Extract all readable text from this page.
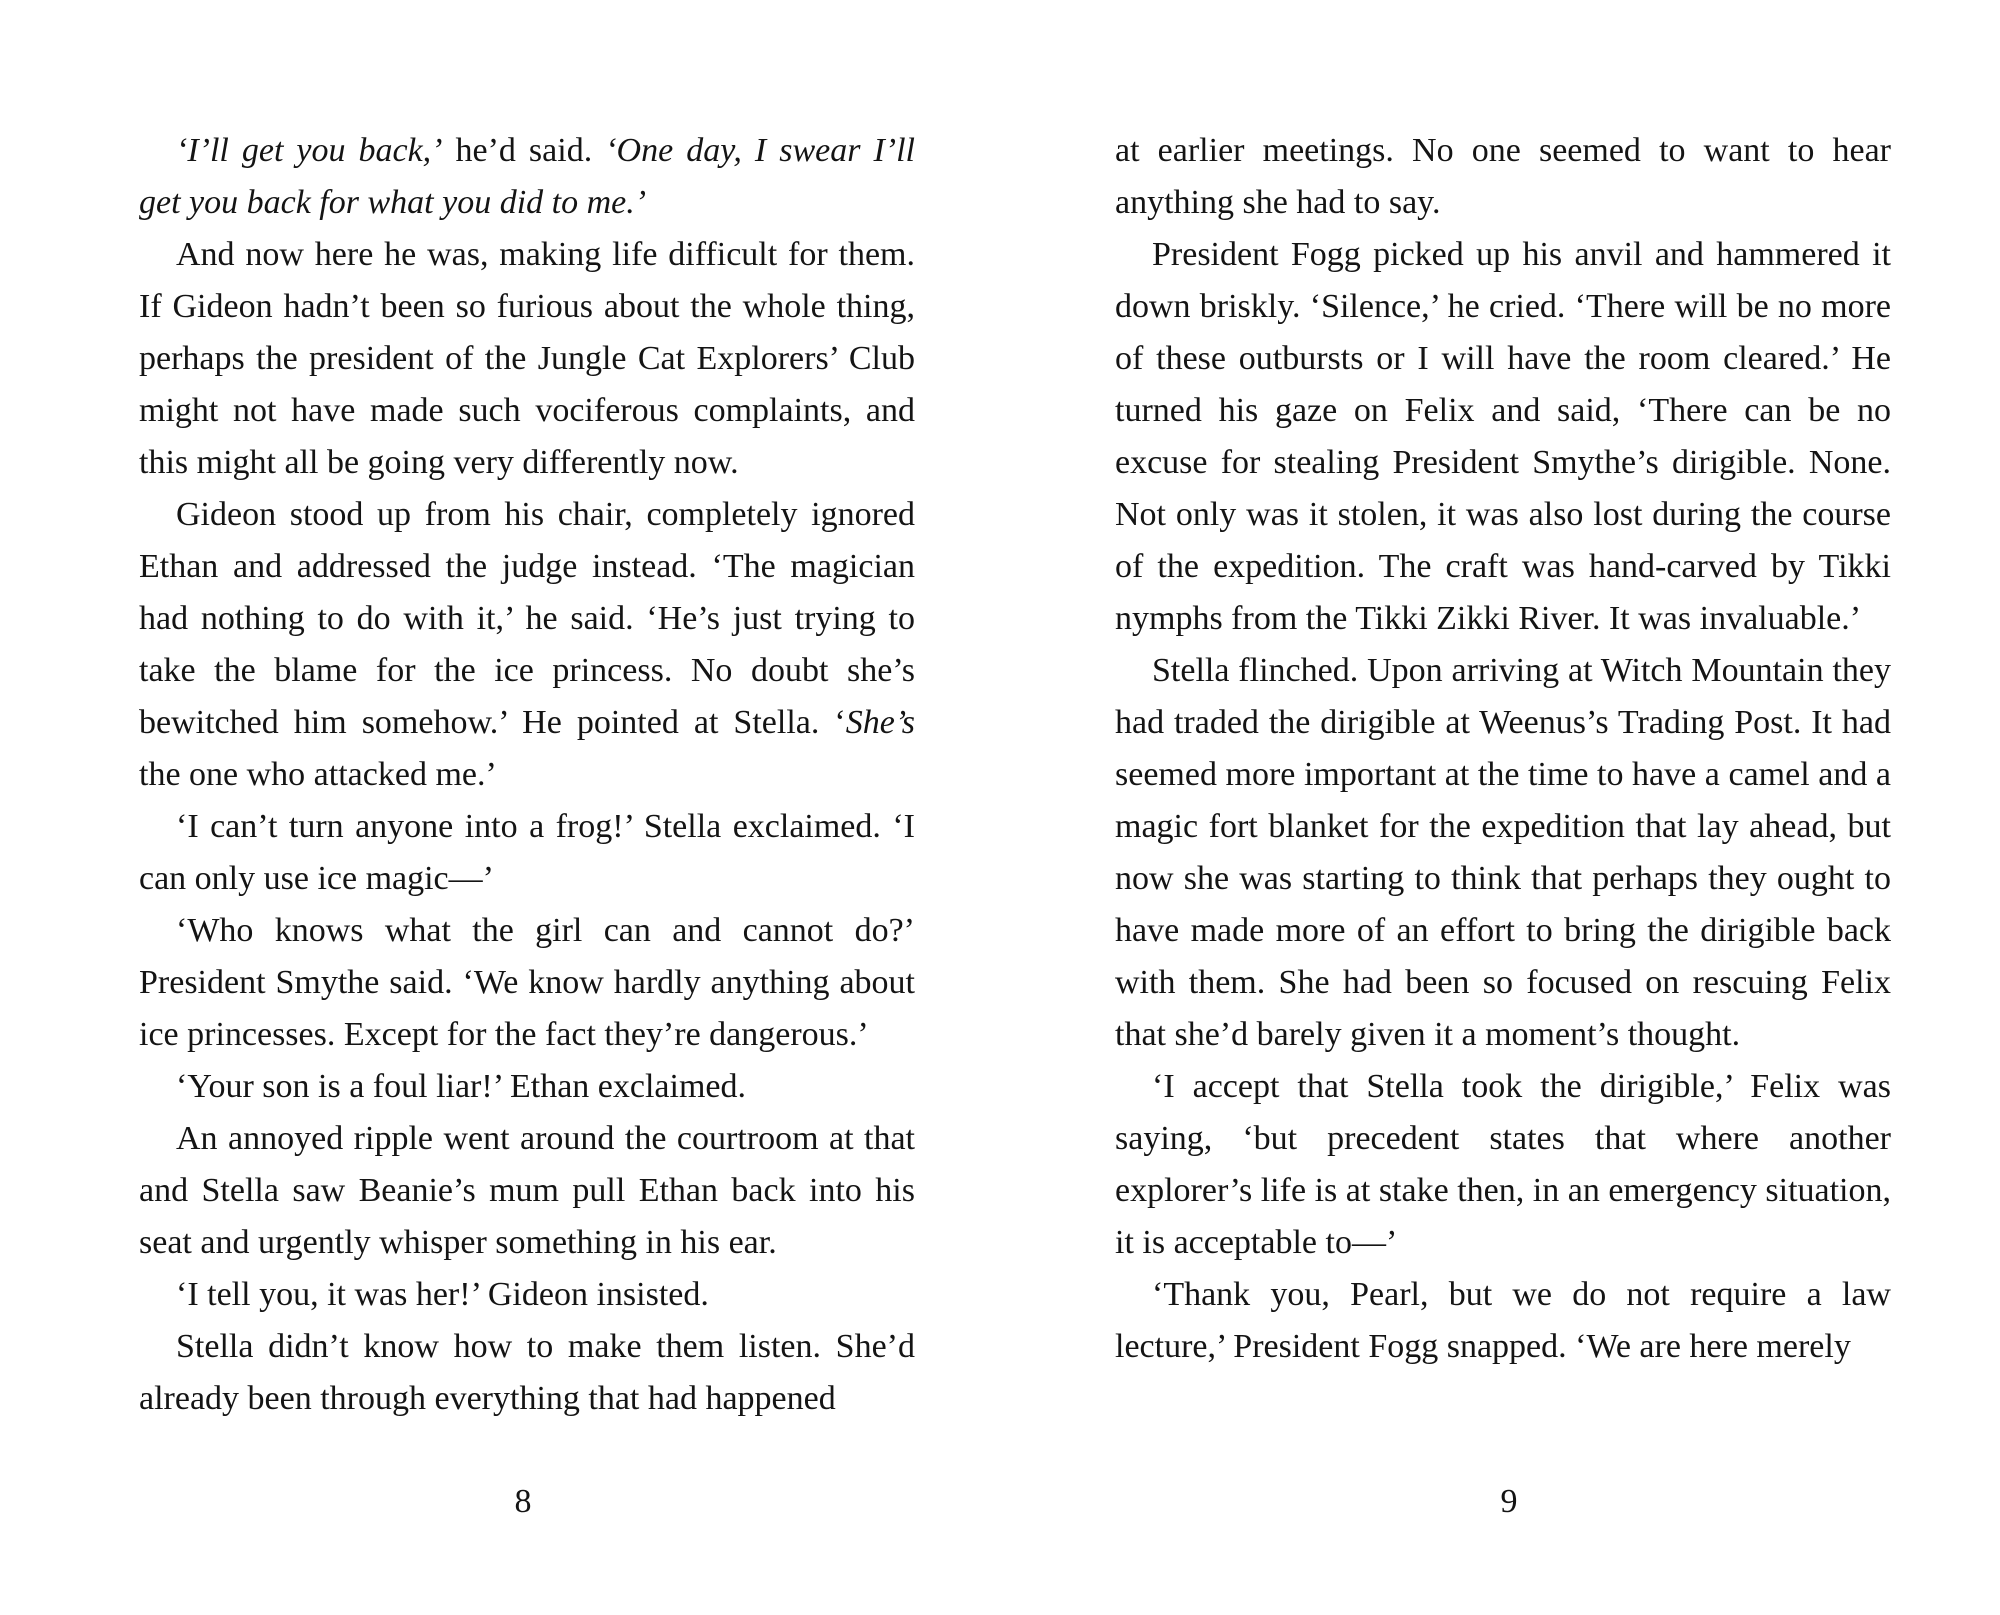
‘I’ll get you back,’ he’d said. ‘One day, I swear I’ll get you back for what you did to me.’

And now here he was, making life difficult for them. If Gideon hadn’t been so furious about the whole thing, perhaps the president of the Jungle Cat Explorers’ Club might not have made such vociferous complaints, and this might all be going very differently now.

Gideon stood up from his chair, completely ignored Ethan and addressed the judge instead. ‘The magician had nothing to do with it,’ he said. ‘He’s just trying to take the blame for the ice princess. No doubt she’s bewitched him somehow.’ He pointed at Stella. ‘She’s the one who attacked me.’

‘I can’t turn anyone into a frog!’ Stella exclaimed. ‘I can only use ice magic—’

‘Who knows what the girl can and cannot do?’ President Smythe said. ‘We know hardly anything about ice princesses. Except for the fact they’re dangerous.’

‘Your son is a foul liar!’ Ethan exclaimed.

An annoyed ripple went around the courtroom at that and Stella saw Beanie’s mum pull Ethan back into his seat and urgently whisper something in his ear.

‘I tell you, it was her!’ Gideon insisted.

Stella didn’t know how to make them listen. She’d already been through everything that had happened

at earlier meetings. No one seemed to want to hear anything she had to say.

President Fogg picked up his anvil and hammered it down briskly. ‘Silence,’ he cried. ‘There will be no more of these outbursts or I will have the room cleared.’ He turned his gaze on Felix and said, ‘There can be no excuse for stealing President Smythe’s dirigible. None. Not only was it stolen, it was also lost during the course of the expedition. The craft was hand-carved by Tikki nymphs from the Tikki Zikki River. It was invaluable.’

Stella flinched. Upon arriving at Witch Mountain they had traded the dirigible at Weenus’s Trading Post. It had seemed more important at the time to have a camel and a magic fort blanket for the expedition that lay ahead, but now she was starting to think that perhaps they ought to have made more of an effort to bring the dirigible back with them. She had been so focused on rescuing Felix that she’d barely given it a moment’s thought.

‘I accept that Stella took the dirigible,’ Felix was saying, ‘but precedent states that where another explorer’s life is at stake then, in an emergency situation, it is acceptable to—’

‘Thank you, Pearl, but we do not require a law lecture,’ President Fogg snapped. ‘We are here merely

8	9
